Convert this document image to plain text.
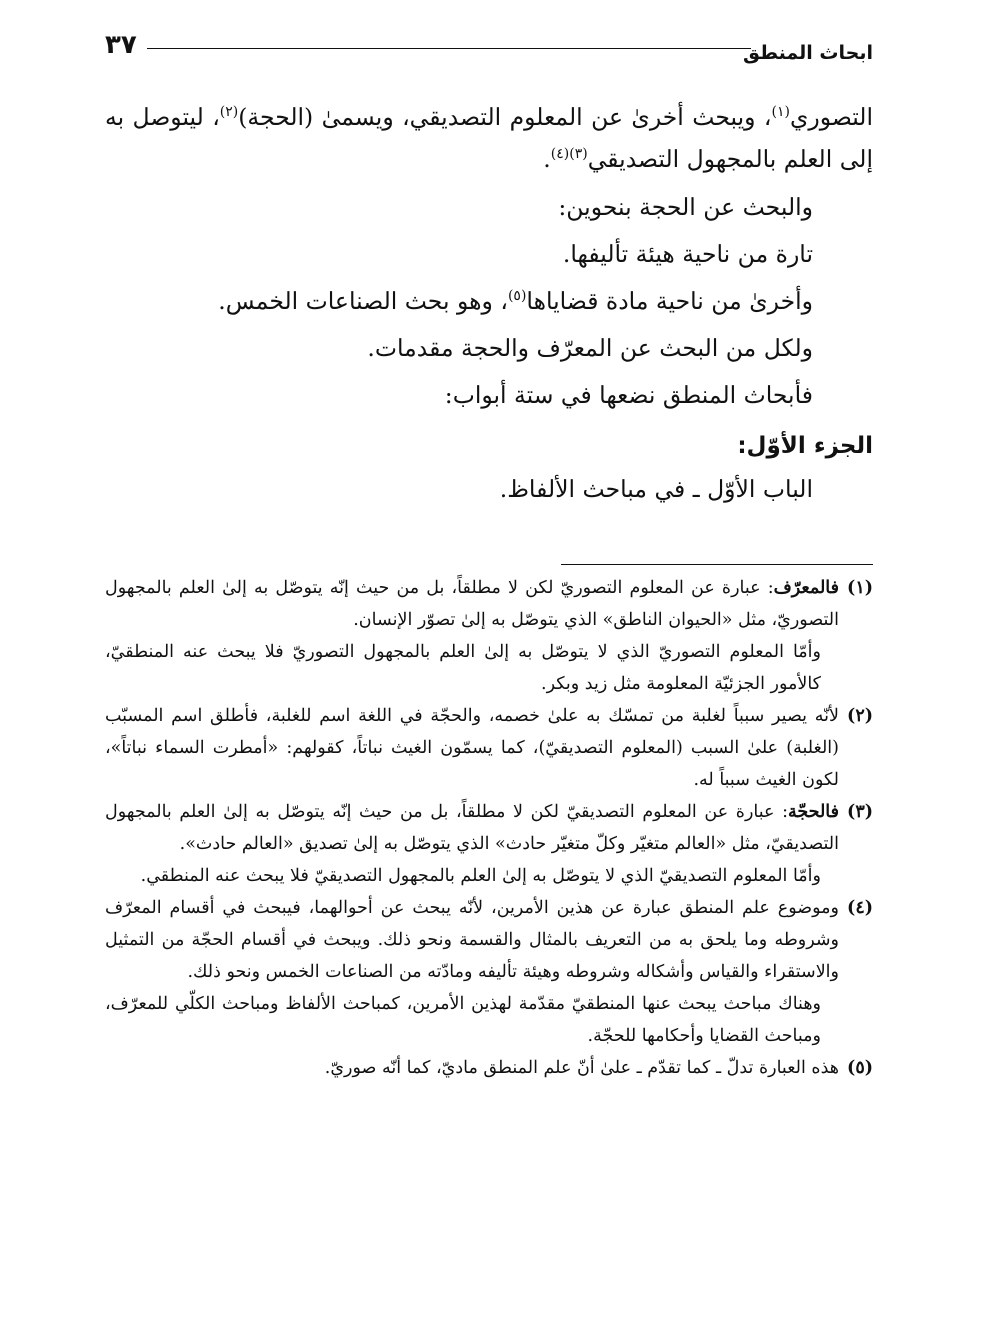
ابحاث المنطق
٣٧

التصوري$^{(١)}$، ويبحث أخرىٰ عن المعلوم التصديقي، ويسمىٰ (الحجة)$^{(٢)}$، ليتوصل به إلى العلم بالمجهول التصديقي$^{(٣)(٤)}$.

والبحث عن الحجة بنحوين:

تارة من ناحية هيئة تأليفها.

وأخرىٰ من ناحية مادة قضاياها$^{(٥)}$، وهو بحث الصناعات الخمس.

ولكل من البحث عن المعرّف والحجة مقدمات.

فأبحاث المنطق نضعها في ستة أبواب:

الجزء الأوّل:

الباب الأوّل ـ في مباحث الألفاظ.

(١)

فالمعرّف: عبارة عن المعلوم التصوريّ لكن لا مطلقاً، بل من حيث إنّه يتوصّل به إلىٰ العلم بالمجهول التصوريّ، مثل «الحيوان الناطق» الذي يتوصّل به إلىٰ تصوّر الإنسان.

وأمّا المعلوم التصوريّ الذي لا يتوصّل به إلىٰ العلم بالمجهول التصوريّ فلا يبحث عنه المنطقيّ، كالأمور الجزئيّة المعلومة مثل زيد وبكر.

(٢)

لأنّه يصير سبباً لغلبة من تمسّك به علىٰ خصمه، والحجّة في اللغة اسم للغلبة، فأطلق اسم المسبّب (الغلبة) علىٰ السبب (المعلوم التصديقيّ)، كما يسمّون الغيث نباتاً، كقولهم: «أمطرت السماء نباتاً»، لكون الغيث سبباً له.

(٣)

فالحجّة: عبارة عن المعلوم التصديقيّ لكن لا مطلقاً، بل من حيث إنّه يتوصّل به إلىٰ العلم بالمجهول التصديقيّ، مثل «العالم متغيّر وكلّ متغيّر حادث» الذي يتوصّل به إلىٰ تصديق «العالم حادث».

وأمّا المعلوم التصديقيّ الذي لا يتوصّل به إلىٰ العلم بالمجهول التصديقيّ فلا يبحث عنه المنطقي.

(٤)

وموضوع علم المنطق عبارة عن هذين الأمرين، لأنّه يبحث عن أحوالهما، فيبحث في أقسام المعرّف وشروطه وما يلحق به من التعريف بالمثال والقسمة ونحو ذلك. ويبحث في أقسام الحجّة من التمثيل والاستقراء والقياس وأشكاله وشروطه وهيئة تأليفه ومادّته من الصناعات الخمس ونحو ذلك.

وهناك مباحث يبحث عنها المنطقيّ مقدّمة لهذين الأمرين، كمباحث الألفاظ ومباحث الكلّي للمعرّف، ومباحث القضايا وأحكامها للحجّة.

(٥)

هذه العبارة تدلّ ـ كما تقدّم ـ علىٰ أنّ علم المنطق ماديّ، كما أنّه صوريّ.
